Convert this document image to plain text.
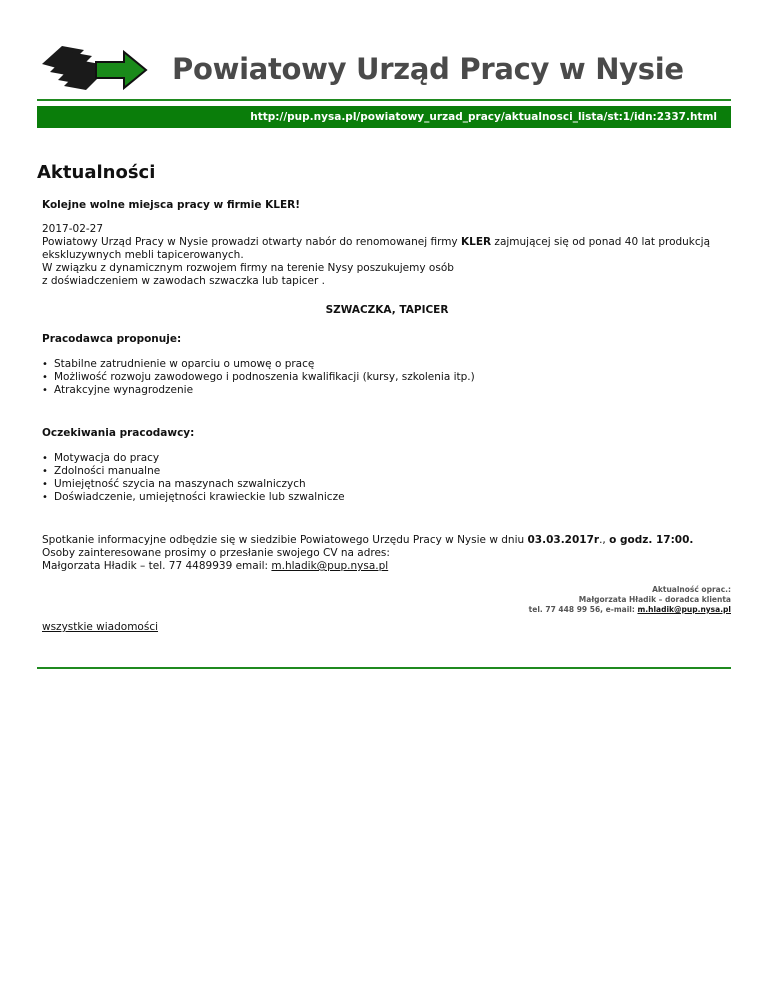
Powiatowy Urząd Pracy w Nysie
http://pup.nysa.pl/powiatowy_urzad_pracy/aktualnosci_lista/st:1/idn:2337.html
Aktualności

Kolejne wolne miejsca pracy w firmie KLER!

2017-02-27

Powiatowy Urząd Pracy w Nysie prowadzi otwarty nabór do renomowanej firmy KLER zajmującej się od ponad 40 lat produkcją ekskluzywnych mebli tapicerowanych.

W związku z dynamicznym rozwojem firmy na terenie Nysy poszukujemy osób

z doświadczeniem w zawodach szwaczka lub tapicer .

SZWACZKA, TAPICER

Pracodawca proponuje:

• Stabilne zatrudnienie w oparciu o umowę o pracę
• Możliwość rozwoju zawodowego i podnoszenia kwalifikacji (kursy, szkolenia itp.)
• Atrakcyjne wynagrodzenie

Oczekiwania pracodawcy:

• Motywacja do pracy
• Zdolności manualne
• Umiejętność szycia na maszynach szwalniczych
• Doświadczenie, umiejętności krawieckie lub szwalnicze

Spotkanie informacyjne odbędzie się w siedzibie Powiatowego Urzędu Pracy w Nysie w dniu 03.03.2017r., o godz. 17:00.

Osoby zainteresowane prosimy o przesłanie swojego CV na adres:

Małgorzata Hładik – tel. 77 4489939 email: m.hladik@pup.nysa.pl

Aktualność oprac.:
Małgorzata Hładik – doradca klienta
tel. 77 448 99 56, e-mail: m.hladik@pup.nysa.pl
wszystkie wiadomości
